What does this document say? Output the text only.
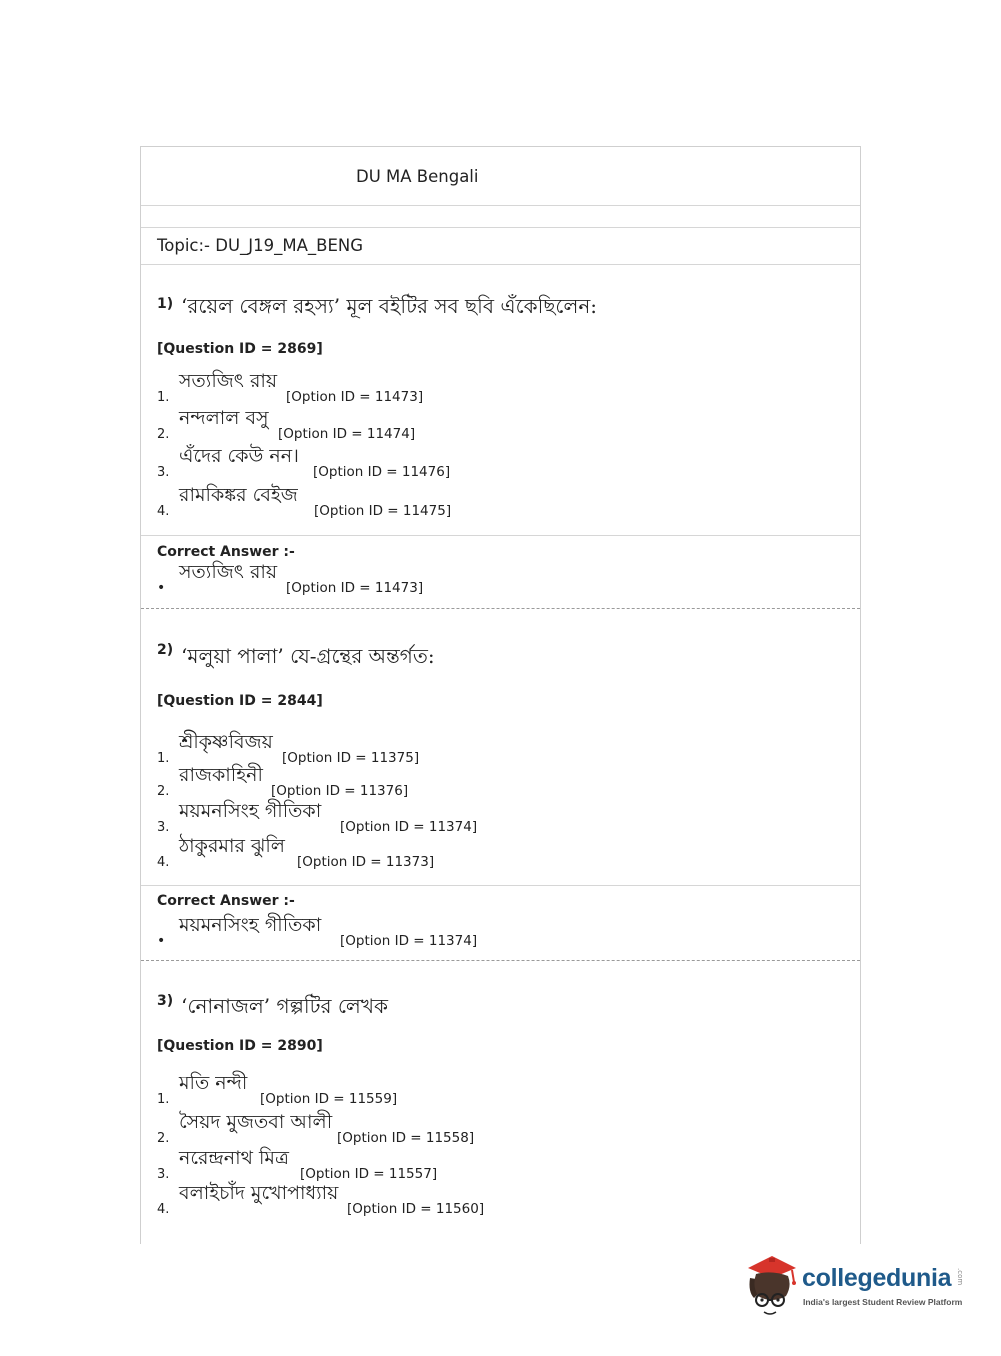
DU MA Bengali
Topic:- DU_J19_MA_BENG
1) ‘রয়েল বেঙ্গল রহস্য’ মূল বইটির সব ছবি এঁকেছিলেন:
[Question ID = 2869]
1.
সত্যজিৎ রায়
[Option ID = 11473]
2.
নন্দলাল বসু
[Option ID = 11474]
3.
এঁদের কেউ নন।
[Option ID = 11476]
4.
রামকিঙ্কর বেইজ
[Option ID = 11475]
Correct Answer :-
•
সত্যজিৎ রায়
[Option ID = 11473]
2) ‘মলুয়া পালা’ যে-গ্রন্থের অন্তর্গত:
[Question ID = 2844]
1.
শ্রীকৃষ্ণবিজয়
[Option ID = 11375]
2.
রাজকাহিনী
[Option ID = 11376]
3.
ময়মনসিংহ গীতিকা
[Option ID = 11374]
4.
ঠাকুরমার ঝুলি
[Option ID = 11373]
Correct Answer :-
•
ময়মনসিংহ গীতিকা
[Option ID = 11374]
3) ‘নোনাজল’ গল্পটির লেখক
[Question ID = 2890]
1.
মতি নন্দী
[Option ID = 11559]
2.
সৈয়দ মুজতবা আলী
[Option ID = 11558]
3.
নরেন্দ্রনাথ মিত্র
[Option ID = 11557]
4.
বলাইচাঁদ মুখোপাধ্যায়
[Option ID = 11560]
collegedunia .com
India's largest Student Review Platform
